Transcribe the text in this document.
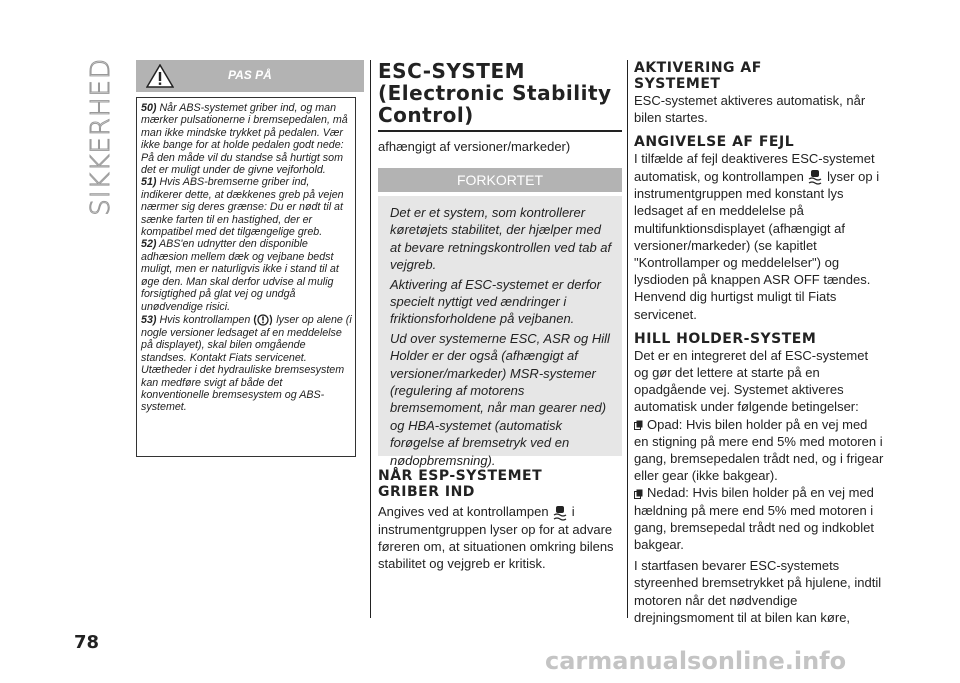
SIKKERHED
78
PAS PÅ

50) Når ABS-systemet griber ind, og man mærker pulsationerne i bremsepedalen, må man ikke mindske trykket på pedalen. Vær ikke bange for at holde pedalen godt nede: På den måde vil du standse så hurtigt som det er muligt under de givne vejforhold.

51) Hvis ABS-bremserne griber ind, indikerer dette, at dækkenes greb på vejen nærmer sig deres grænse: Du er nødt til at sænke farten til en hastighed, der er kompatibel med det tilgængelige greb.

52) ABS'en udnytter den disponible adhæsion mellem dæk og vejbane bedst muligt, men er naturligvis ikke i stand til at øge den. Man skal derfor udvise al mulig forsigtighed på glat vej og undgå unødvendige risici.

53) Hvis kontrollampen lyser op alene (i nogle versioner ledsaget af en meddelelse på displayet), skal bilen omgående standses. Kontakt Fiats servicenet. Utætheder i det hydrauliske bremsesystem kan medføre svigt af både det konventionelle bremsesystem og ABS-systemet.

ESC-SYSTEM

(Electronic Stability

Control)

afhængigt af versioner/markeder)

FORKORTET

Det er et system, som kontrollerer køretøjets stabilitet, der hjælper med at bevare retningskontrollen ved tab af vejgreb.

Aktivering af ESC-systemet er derfor specielt nyttigt ved ændringer i friktionsforholdene på vejbanen.

Ud over systemerne ESC, ASR og Hill Holder er der også (afhængigt af versioner/markeder) MSR-systemer (regulering af motorens bremsemoment, når man gearer ned) og HBA-systemet (automatisk forøgelse af bremsetryk ved en nødopbremsning).

NÅR ESP-SYSTEMET

GRIBER IND

Angives ved at kontrollampen i instrumentgruppen lyser op for at advare føreren om, at situationen omkring bilens stabilitet og vejgreb er kritisk.

AKTIVERING AF

SYSTEMET

ESC-systemet aktiveres automatisk, når bilen startes.

ANGIVELSE AF FEJL

I tilfælde af fejl deaktiveres ESC-systemet automatisk, og kontrollampen lyser op i instrumentgruppen med konstant lys ledsaget af en meddelelse på multifunktionsdisplayet (afhængigt af versioner/markeder) (se kapitlet "Kontrollamper og meddelelser") og lysdioden på knappen ASR OFF tændes. Henvend dig hurtigst muligt til Fiats servicenet.

HILL HOLDER-SYSTEM

Det er en integreret del af ESC-systemet og gør det lettere at starte på en opadgående vej. Systemet aktiveres automatisk under følgende betingelser:

Opad: Hvis bilen holder på en vej med en stigning på mere end 5% med motoren i gang, bremsepedalen trådt ned, og i frigear eller gear (ikke bakgear).

Nedad: Hvis bilen holder på en vej med hældning på mere end 5% med motoren i gang, bremsepedal trådt ned og indkoblet bakgear.

I startfasen bevarer ESC-systemets styreenhed bremsetrykket på hjulene, indtil motoren når det nødvendige drejningsmoment til at bilen kan køre,

carmanualsonline.info
